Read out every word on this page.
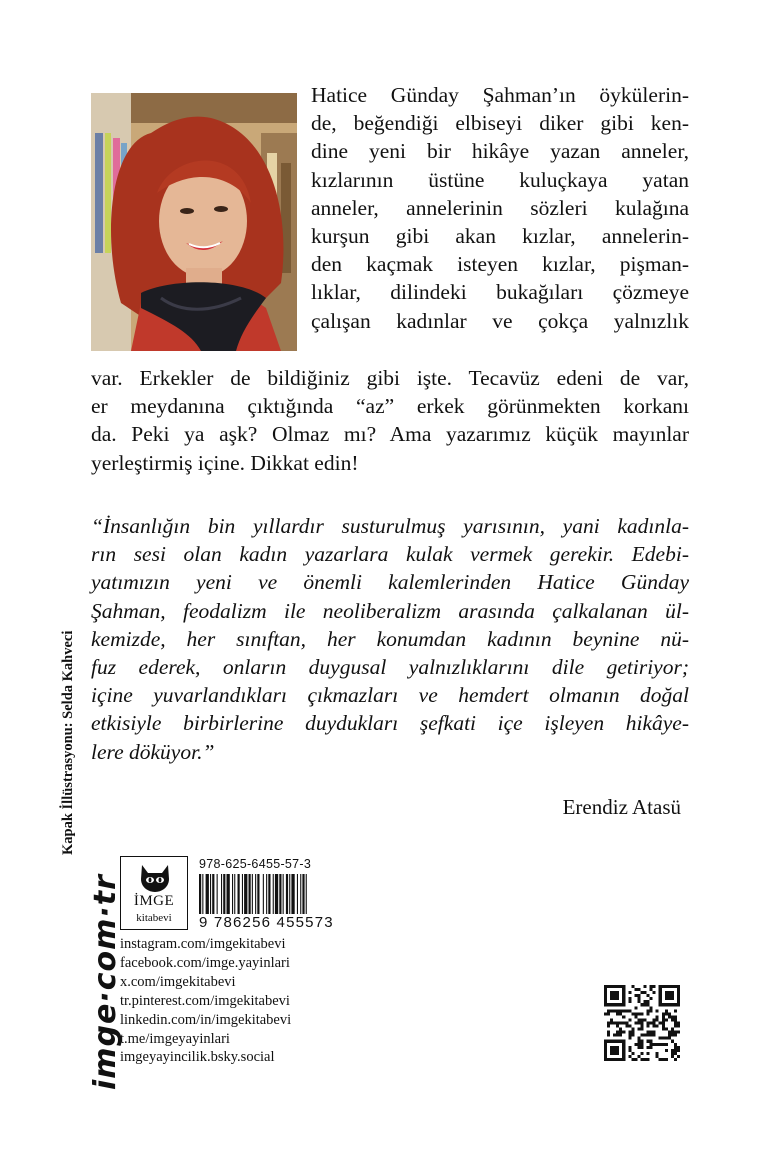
Hatice Günday Şahman’ın öykülerin-
de, beğendiği elbiseyi diker gibi ken-
dine yeni bir hikâye yazan anneler,
kızlarının üstüne kuluçkaya yatan
anneler, annelerinin sözleri kulağına
kurşun gibi akan kızlar, annelerin-
den kaçmak isteyen kızlar, pişman-
lıklar, dilindeki bukağıları çözmeye
çalışan kadınlar ve çokça yalnızlık
var. Erkekler de bildiğiniz gibi işte. Tecavüz edeni de var,
er meydanına çıktığında “az” erkek görünmekten korkanı
da. Peki ya aşk? Olmaz mı? Ama yazarımız küçük mayınlar
yerleştirmiş içine. Dikkat edin!
“İnsanlığın bin yıllardır susturulmuş yarısının, yani kadınla-
rın sesi olan kadın yazarlara kulak vermek gerekir. Edebi-
yatımızın yeni ve önemli kalemlerinden Hatice Günday
Şahman, feodalizm ile neoliberalizm arasında çalkalanan ül-
kemizde, her sınıftan, her konumdan kadının beynine nü-
fuz ederek, onların duygusal yalnızlıklarını dile getiriyor;
içine yuvarlandıkları çıkmazları ve hemdert olmanın doğal
etkisiyle birbirlerine duydukları şefkati içe işleyen hikâye-
lere döküyor.”
Erendiz Atasü
Kapak İllüstrasyonu: Selda Kahveci
imge·com·tr İMGE
kitabevi
978-625-6455-57-3
9 786256 455573
instagram.com/imgekitabevi
facebook.com/imge.yayinlari
x.com/imgekitabevi
tr.pinterest.com/imgekitabevi
linkedin.com/in/imgekitabevi
t.me/imgeyayinlari
imgeyayincilik.bsky.social
